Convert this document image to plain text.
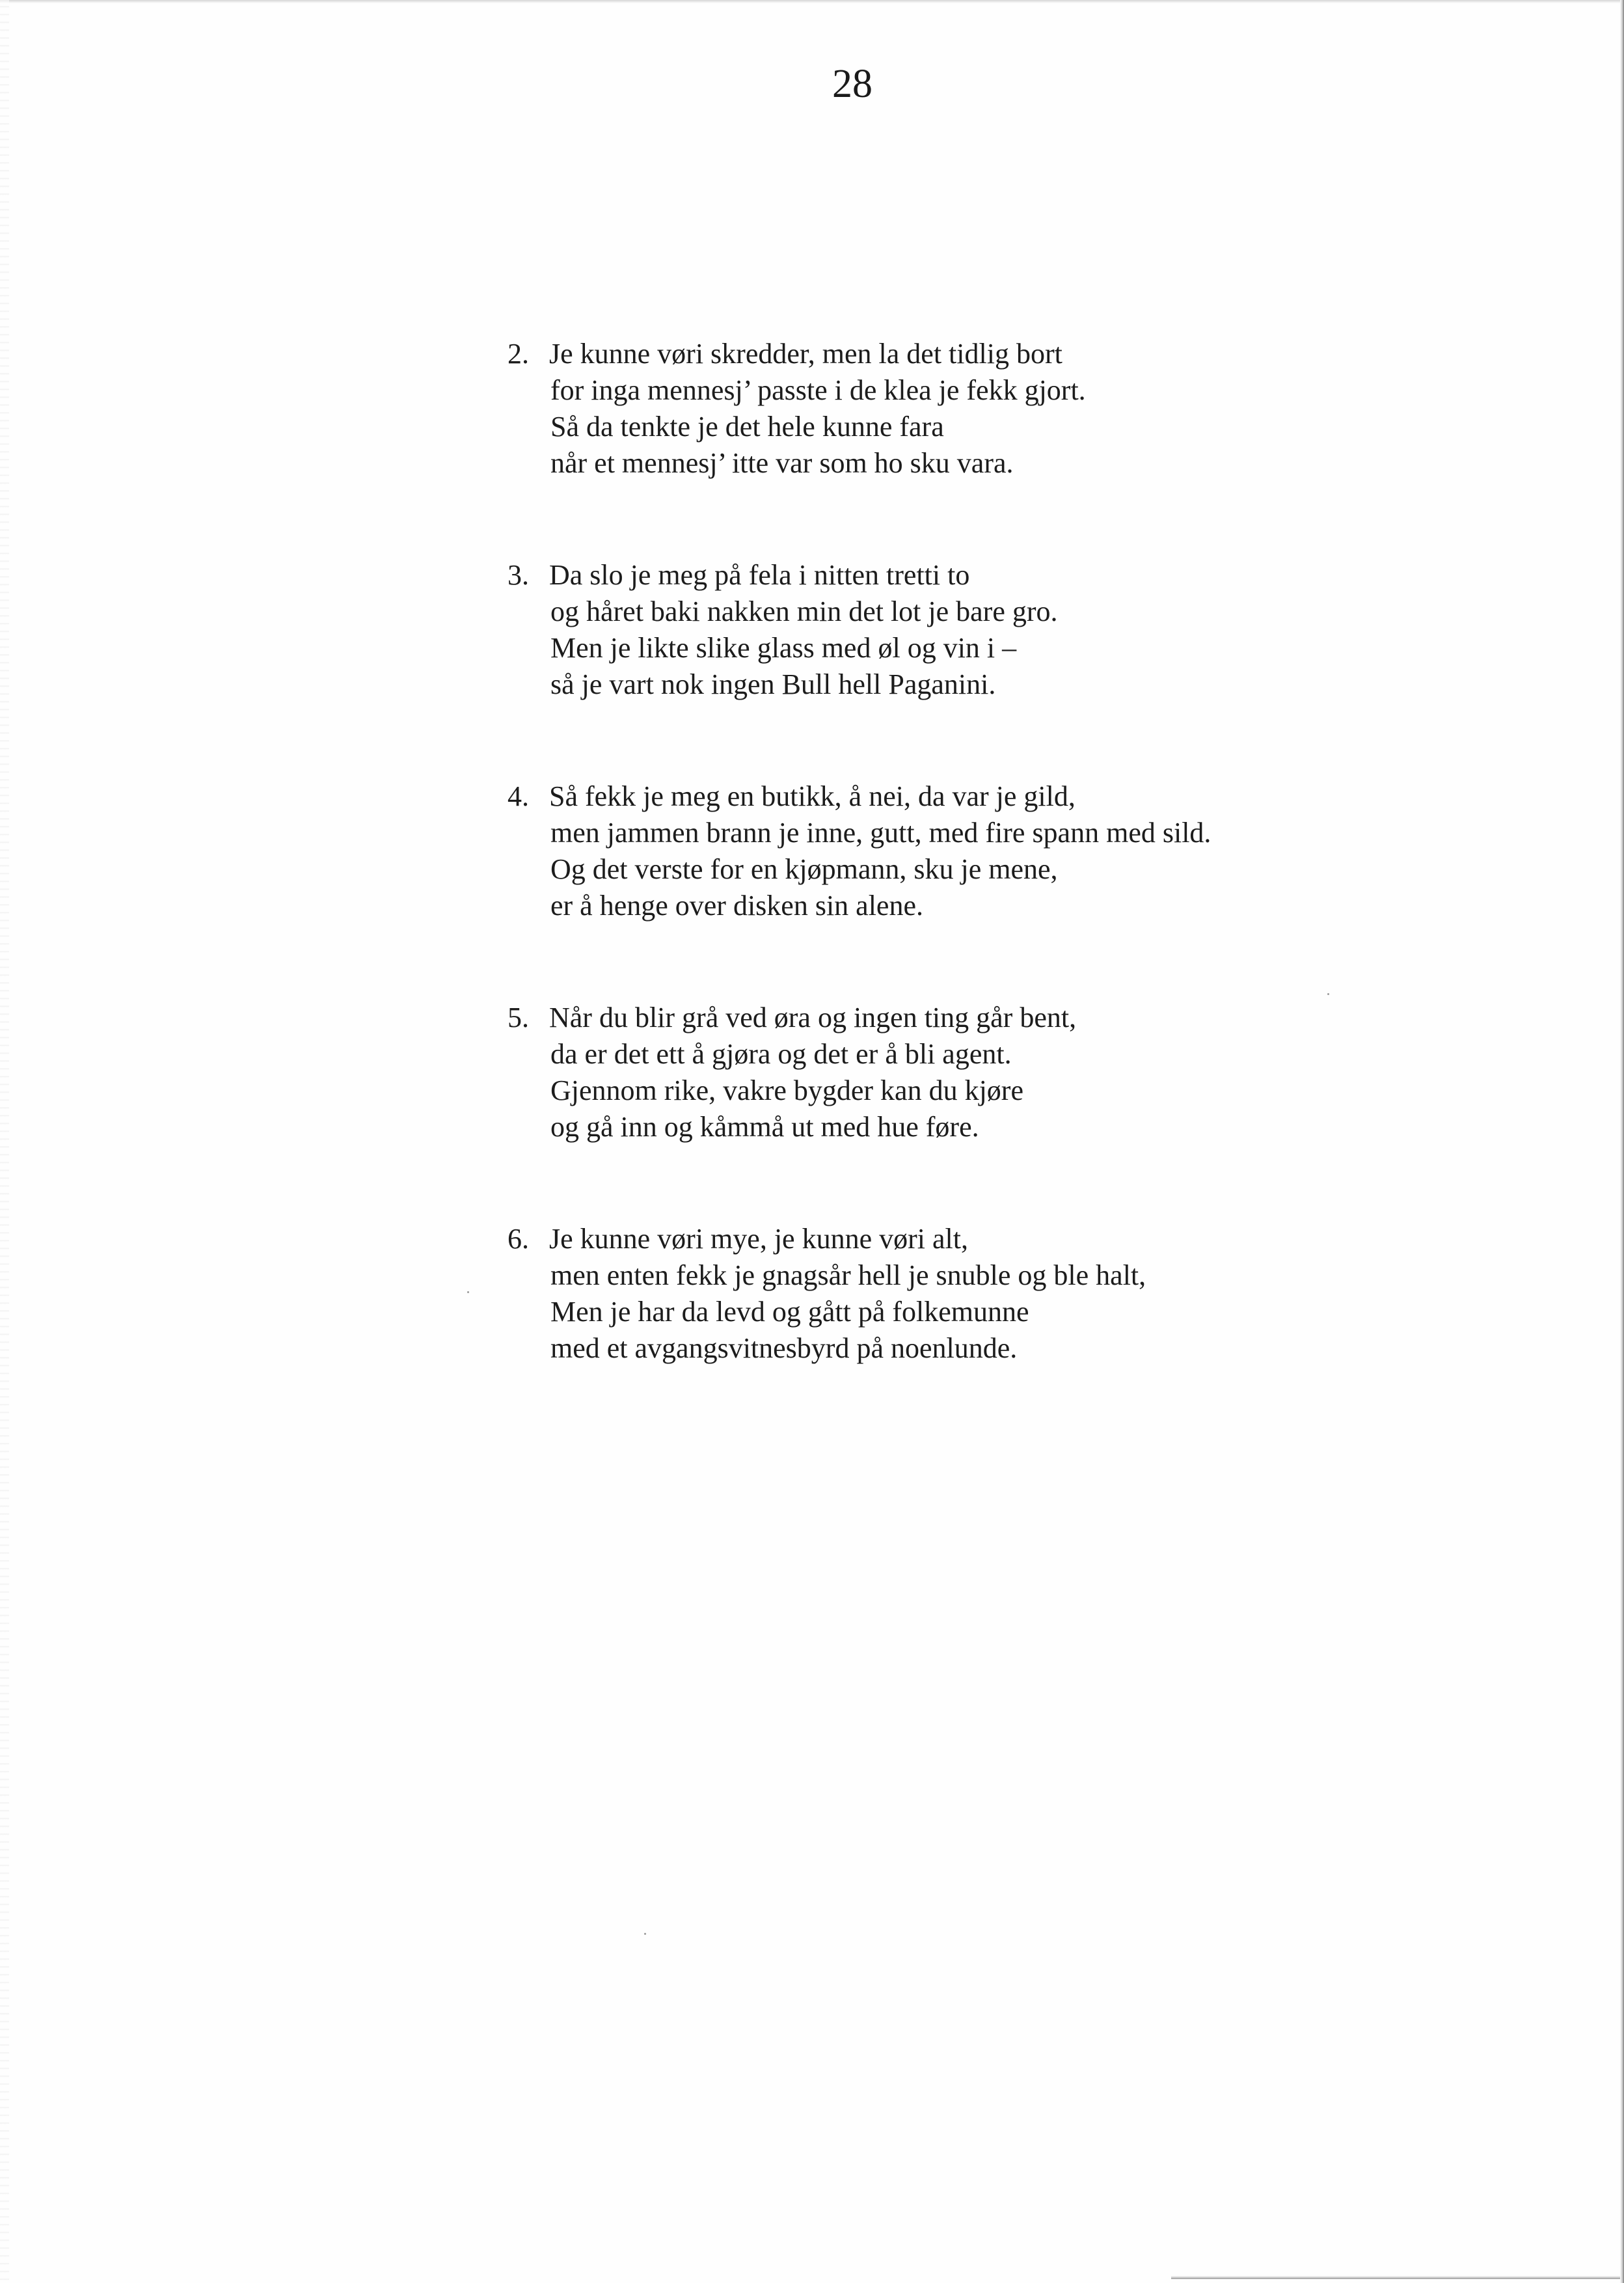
28
2. Je kunne vøri skredder, men la det tidlig bort
for inga mennesj’ passte i de klea je fekk gjort.
Så da tenkte je det hele kunne fara
når et mennesj’ itte var som ho sku vara.
3. Da slo je meg på fela i nitten tretti to
og håret baki nakken min det lot je bare gro.
Men je likte slike glass med øl og vin i –
så je vart nok ingen Bull hell Paganini.
4. Så fekk je meg en butikk, å nei, da var je gild,
men jammen brann je inne, gutt, med fire spann med sild.
Og det verste for en kjøpmann, sku je mene,
er å henge over disken sin alene.
5. Når du blir grå ved øra og ingen ting går bent,
da er det ett å gjøra og det er å bli agent.
Gjennom rike, vakre bygder kan du kjøre
og gå inn og kåmmå ut med hue føre.
6. Je kunne vøri mye, je kunne vøri alt,
men enten fekk je gnagsår hell je snuble og ble halt,
Men je har da levd og gått på folkemunne
med et avgangsvitnesbyrd på noenlunde.
